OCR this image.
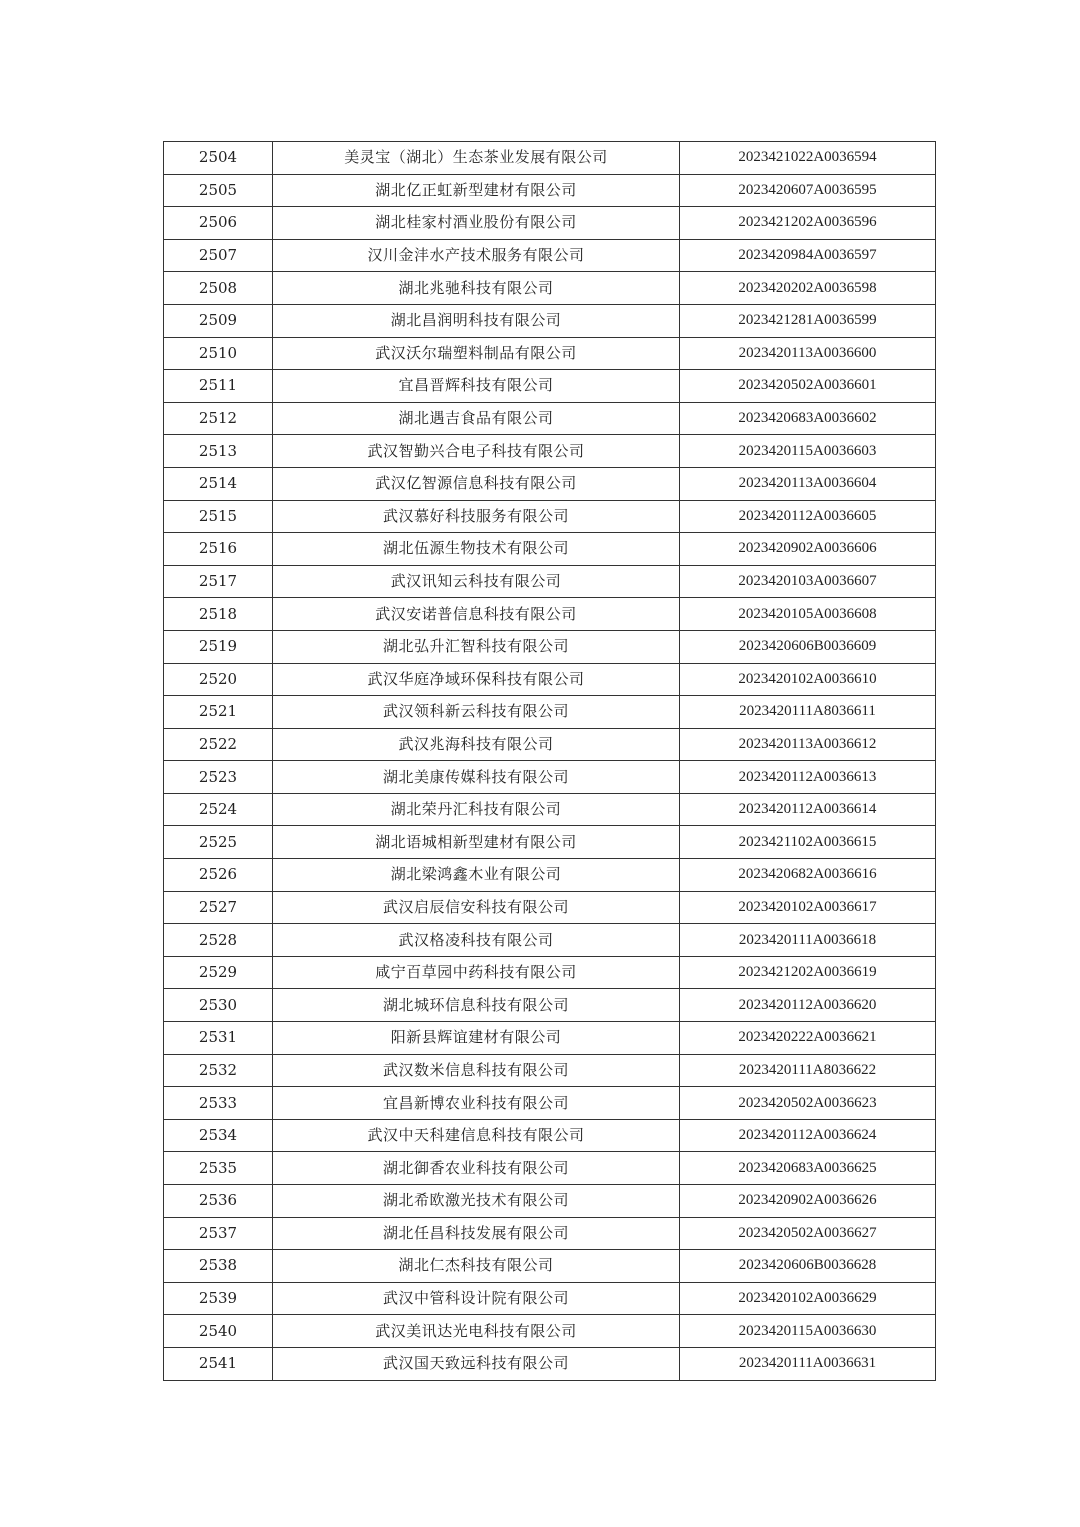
2504	美灵宝（湖北）生态茶业发展有限公司	2023421022A0036594
2505	湖北亿正虹新型建材有限公司	2023420607A0036595
2506	湖北桂家村酒业股份有限公司	2023421202A0036596
2507	汉川金沣水产技术服务有限公司	2023420984A0036597
2508	湖北兆驰科技有限公司	2023420202A0036598
2509	湖北昌润明科技有限公司	2023421281A0036599
2510	武汉沃尔瑞塑料制品有限公司	2023420113A0036600
2511	宜昌晋辉科技有限公司	2023420502A0036601
2512	湖北遇吉食品有限公司	2023420683A0036602
2513	武汉智勤兴合电子科技有限公司	2023420115A0036603
2514	武汉亿智源信息科技有限公司	2023420113A0036604
2515	武汉慕好科技服务有限公司	2023420112A0036605
2516	湖北伍源生物技术有限公司	2023420902A0036606
2517	武汉讯知云科技有限公司	2023420103A0036607
2518	武汉安诺普信息科技有限公司	2023420105A0036608
2519	湖北弘升汇智科技有限公司	2023420606B0036609
2520	武汉华庭净域环保科技有限公司	2023420102A0036610
2521	武汉领科新云科技有限公司	2023420111A8036611
2522	武汉兆海科技有限公司	2023420113A0036612
2523	湖北美康传媒科技有限公司	2023420112A0036613
2524	湖北荣丹汇科技有限公司	2023420112A0036614
2525	湖北语城相新型建材有限公司	2023421102A0036615
2526	湖北梁鸿鑫木业有限公司	2023420682A0036616
2527	武汉启辰信安科技有限公司	2023420102A0036617
2528	武汉格凌科技有限公司	2023420111A0036618
2529	咸宁百草园中药科技有限公司	2023421202A0036619
2530	湖北城环信息科技有限公司	2023420112A0036620
2531	阳新县辉谊建材有限公司	2023420222A0036621
2532	武汉数米信息科技有限公司	2023420111A8036622
2533	宜昌新博农业科技有限公司	2023420502A0036623
2534	武汉中天科建信息科技有限公司	2023420112A0036624
2535	湖北御香农业科技有限公司	2023420683A0036625
2536	湖北希欧激光技术有限公司	2023420902A0036626
2537	湖北任昌科技发展有限公司	2023420502A0036627
2538	湖北仁杰科技有限公司	2023420606B0036628
2539	武汉中管科设计院有限公司	2023420102A0036629
2540	武汉美讯达光电科技有限公司	2023420115A0036630
2541	武汉国天致远科技有限公司	2023420111A0036631
